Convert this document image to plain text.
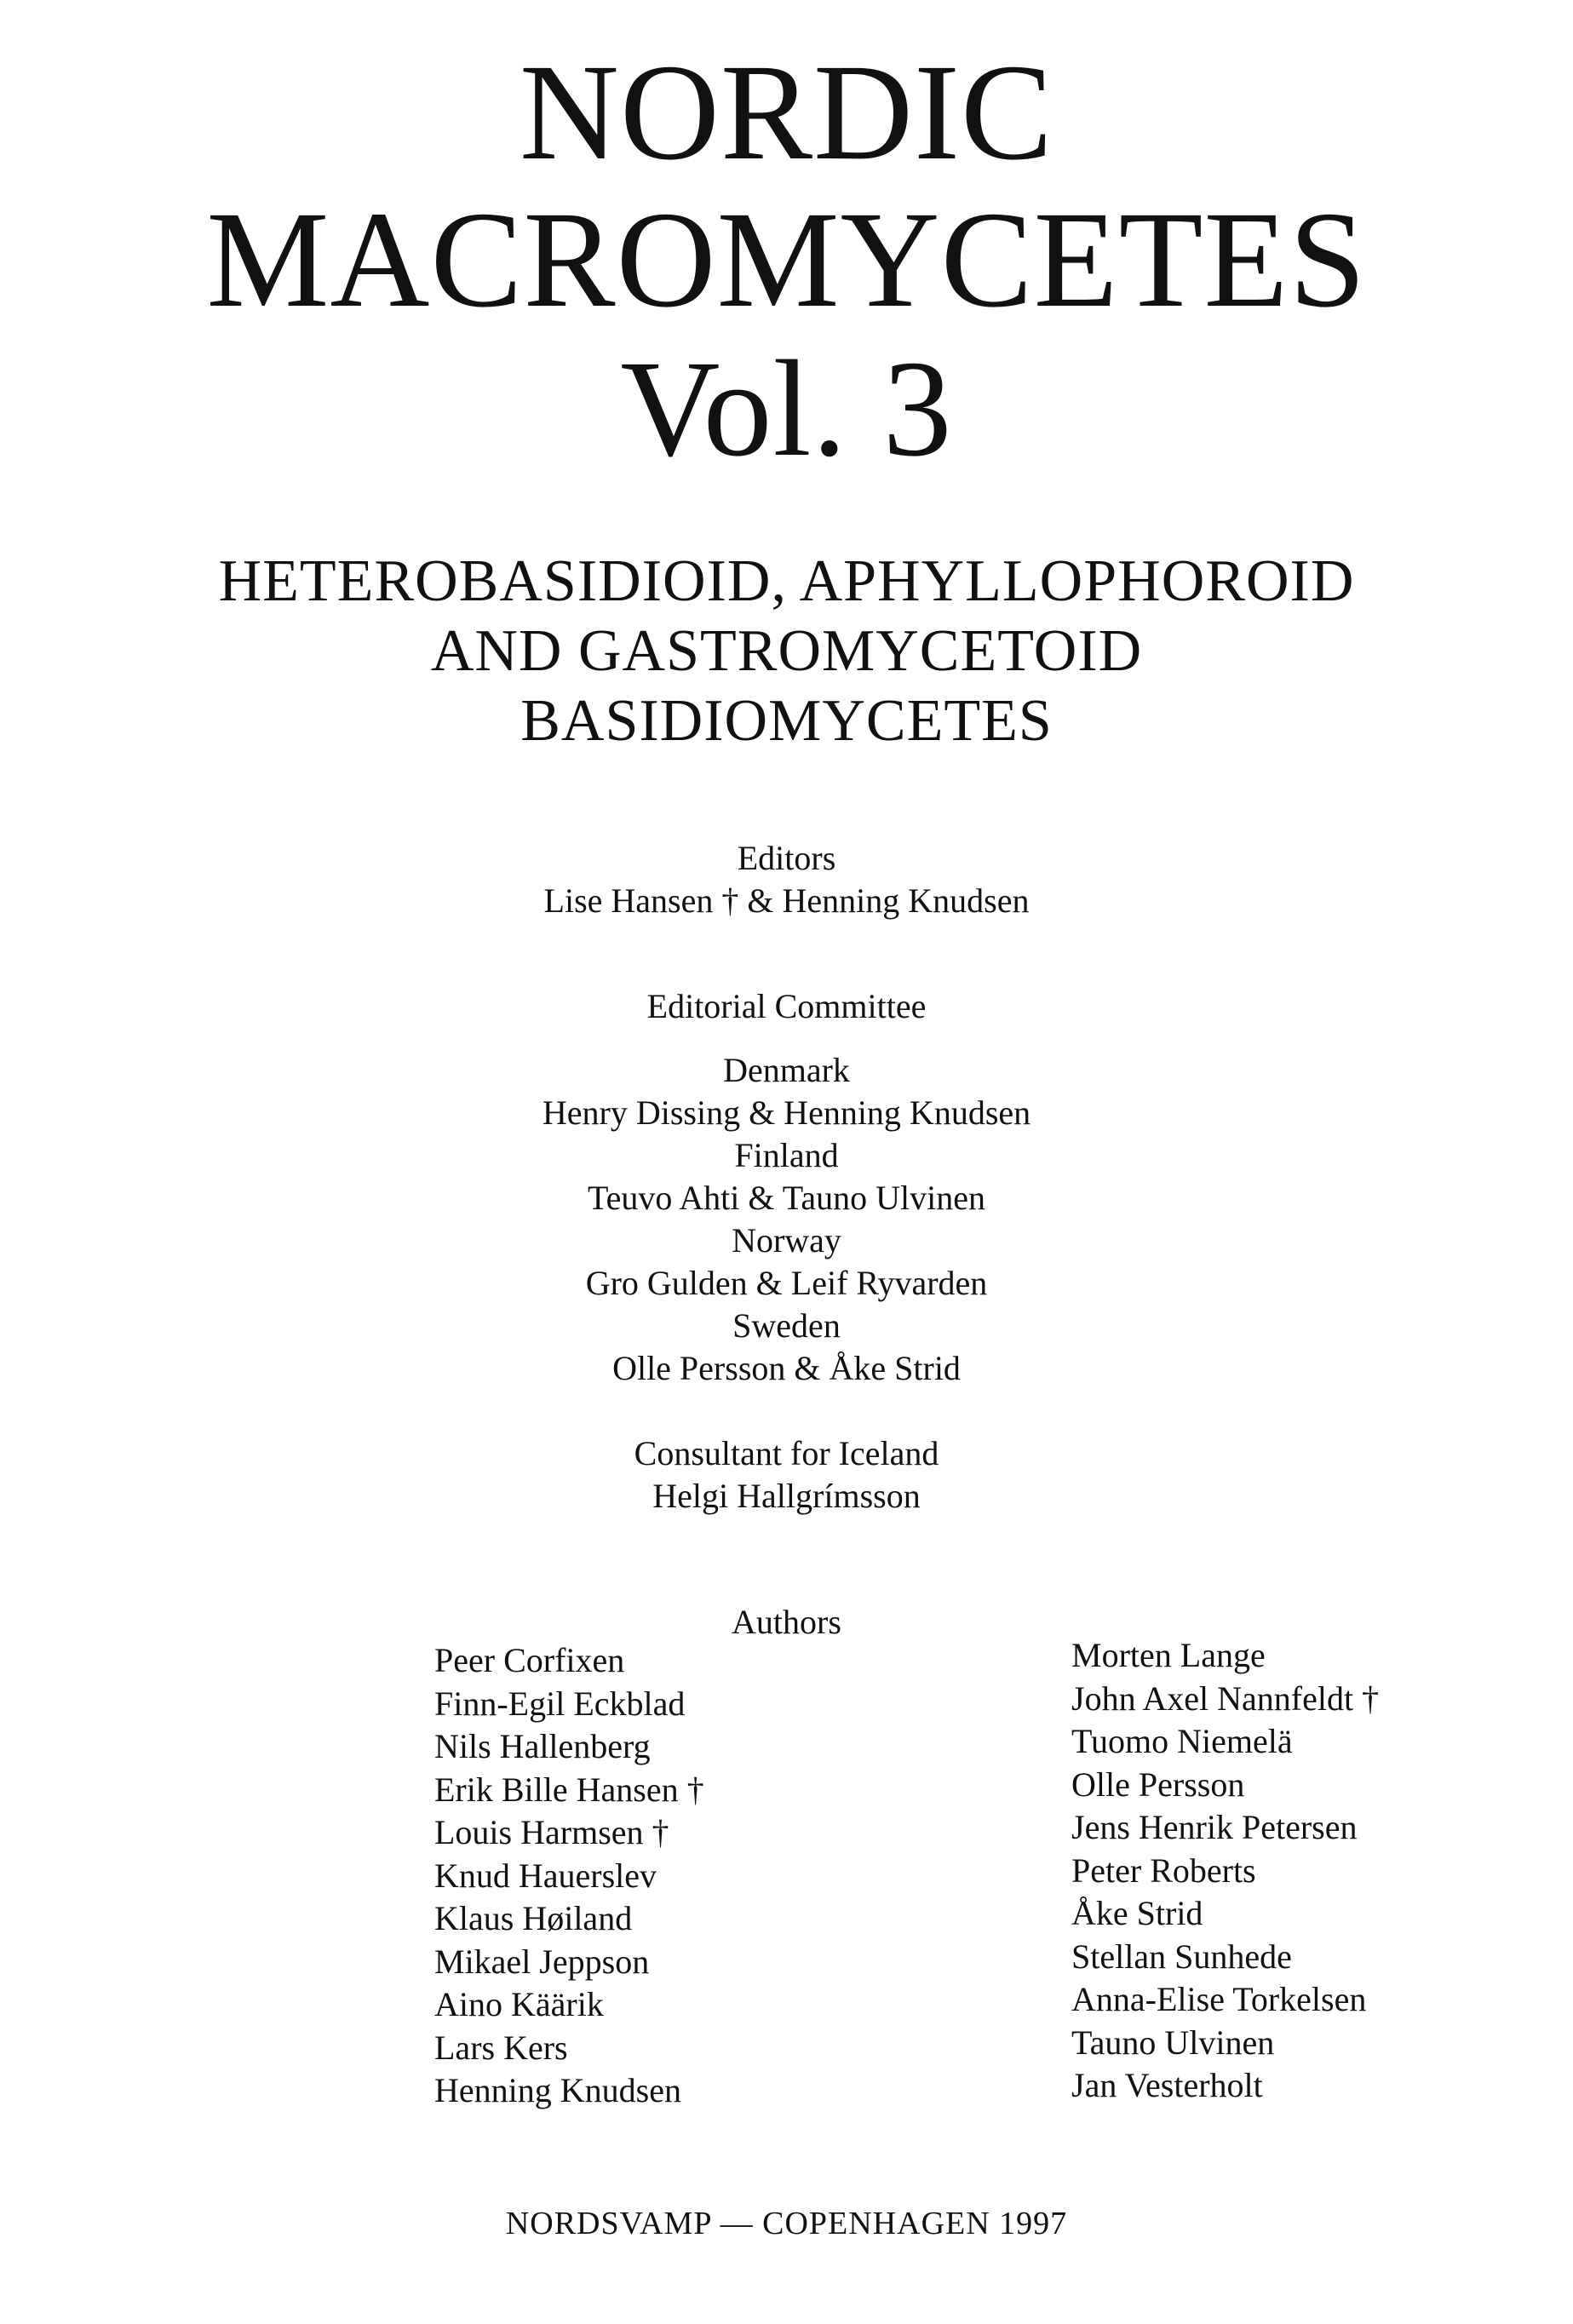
NORDIC
MACROMYCETES
Vol. 3
HETEROBASIDIOID, APHYLLOPHOROID
AND GASTROMYCETOID
BASIDIOMYCETES
Editors
Lise Hansen † & Henning Knudsen
Editorial Committee
Denmark
Henry Dissing & Henning Knudsen
Finland
Teuvo Ahti & Tauno Ulvinen
Norway
Gro Gulden & Leif Ryvarden
Sweden
Olle Persson & Åke Strid
Consultant for Iceland
Helgi Hallgrímsson
Authors
Peer Corfixen
Finn-Egil Eckblad
Nils Hallenberg
Erik Bille Hansen †
Louis Harmsen †
Knud Hauerslev
Klaus Høiland
Mikael Jeppson
Aino Käärik
Lars Kers
Henning Knudsen
Morten Lange
John Axel Nannfeldt †
Tuomo Niemelä
Olle Persson
Jens Henrik Petersen
Peter Roberts
Åke Strid
Stellan Sunhede
Anna-Elise Torkelsen
Tauno Ulvinen
Jan Vesterholt
NORDSVAMP — COPENHAGEN 1997
